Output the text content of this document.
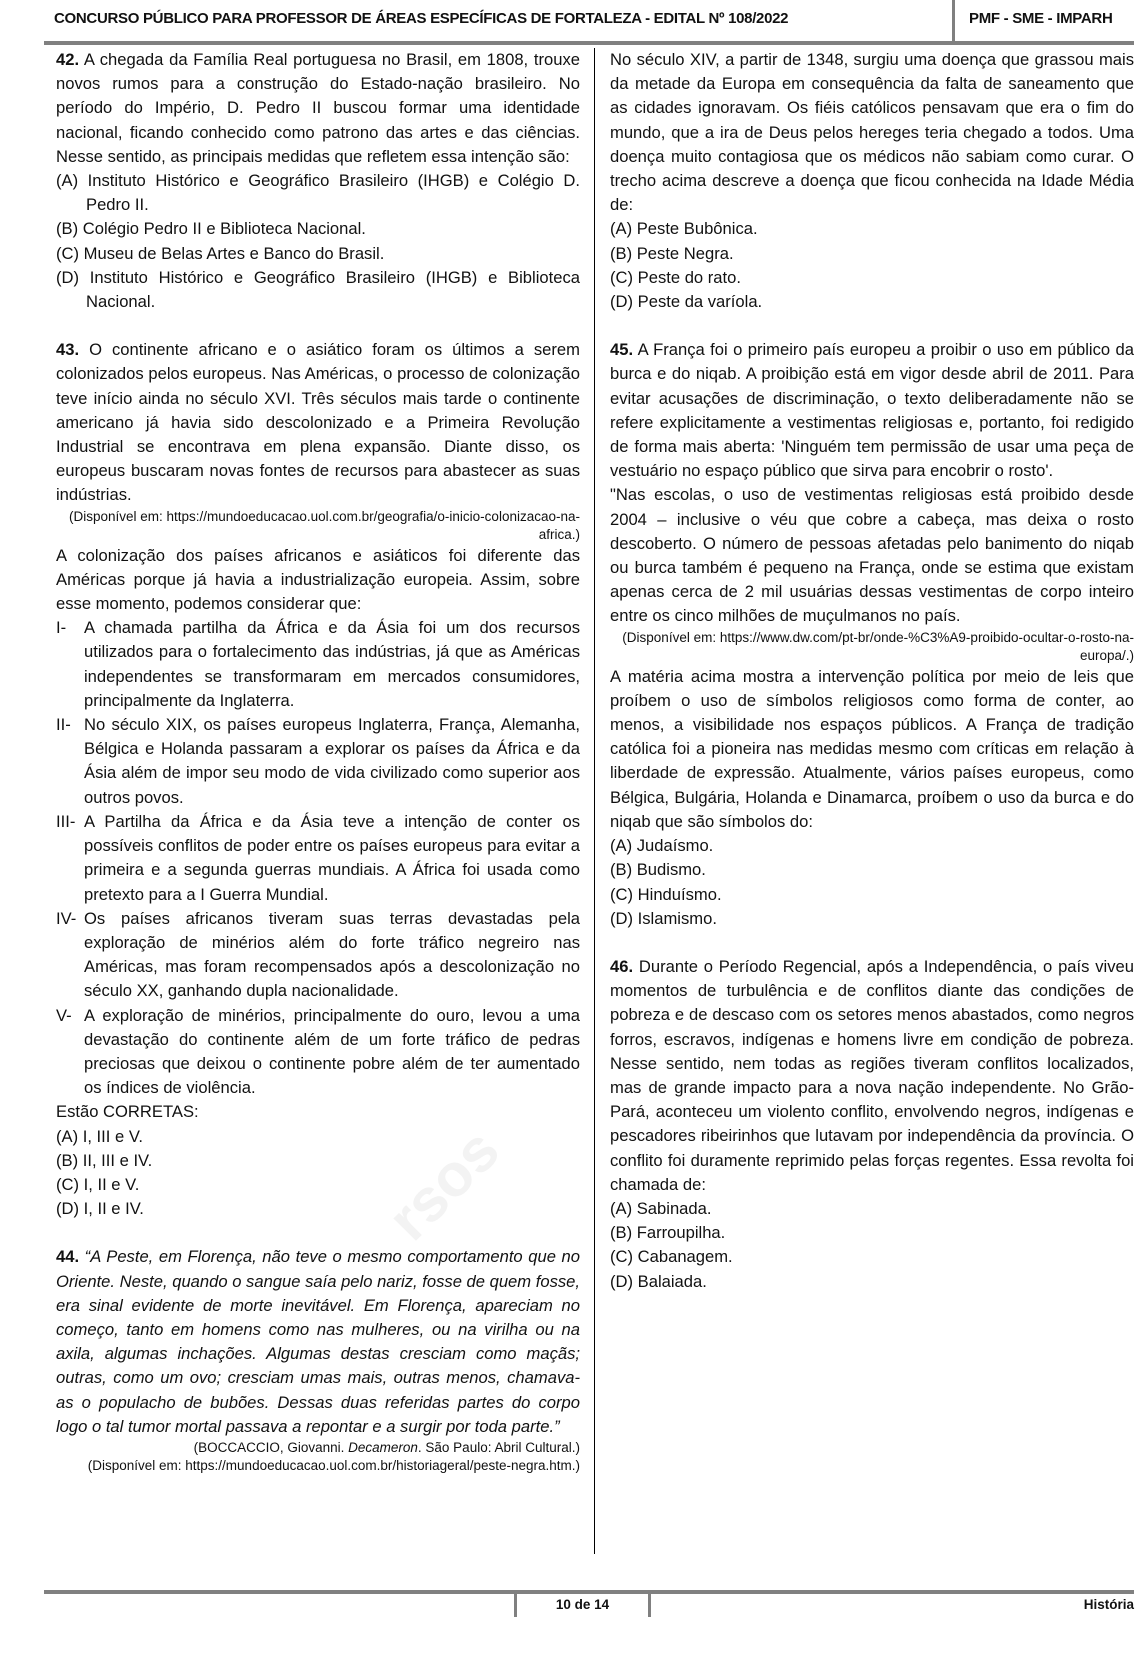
rsos
CONCURSO PÚBLICO PARA PROFESSOR DE ÁREAS ESPECÍFICAS DE FORTALEZA - EDITAL Nº 108/2022	PMF - SME - IMPARH

42. A chegada da Família Real portuguesa no Brasil, em 1808, trouxe novos rumos para a construção do Estado-nação brasileiro. No período do Império, D. Pedro II buscou formar uma identidade nacional, ficando conhecido como patrono das artes e das ciências. Nesse sentido, as principais medidas que refletem essa intenção são:

(A) Instituto Histórico e Geográfico Brasileiro (IHGB) e Colégio D. Pedro II.

(B) Colégio Pedro II e Biblioteca Nacional.

(C) Museu de Belas Artes e Banco do Brasil.

(D) Instituto Histórico e Geográfico Brasileiro (IHGB) e Biblioteca Nacional.

43. O continente africano e o asiático foram os últimos a serem colonizados pelos europeus. Nas Américas, o processo de colonização teve início ainda no século XVI. Três séculos mais tarde o continente americano já havia sido descolonizado e a Primeira Revolução Industrial se encontrava em plena expansão. Diante disso, os europeus buscaram novas fontes de recursos para abastecer as suas indústrias.

(Disponível em: https://mundoeducacao.uol.com.br/geografia/o-inicio-colonizacao-na-africa.)

A colonização dos países africanos e asiáticos foi diferente das Américas porque já havia a industrialização europeia. Assim, sobre esse momento, podemos considerar que:

I-	A chamada partilha da África e da Ásia foi um dos recursos utilizados para o fortalecimento das indústrias, já que as Américas independentes se transformaram em mercados consumidores, principalmente da Inglaterra.
II- No século XIX, os países europeus Inglaterra, França, Alemanha, Bélgica e Holanda passaram a explorar os países da África e da Ásia além de impor seu modo de vida civilizado como superior aos outros povos.
III- A Partilha da África e da Ásia teve a intenção de conter os possíveis conflitos de poder entre os países europeus para evitar a primeira e a segunda guerras mundiais. A África foi usada como pretexto para a I Guerra Mundial.
IV- Os países africanos tiveram suas terras devastadas pela exploração de minérios além do forte tráfico negreiro nas Américas, mas foram recompensados após a descolonização no século XX, ganhando dupla nacionalidade.
V- A exploração de minérios, principalmente do ouro, levou a uma devastação do continente além de um forte tráfico de pedras preciosas que deixou o continente pobre além de ter aumentado os índices de violência.

Estão CORRETAS:

(A) I, III e V.

(B) II, III e IV.

(C) I, II e V.

(D) I, II e IV.

44. “A Peste, em Florença, não teve o mesmo comportamento que no Oriente. Neste, quando o sangue saía pelo nariz, fosse de quem fosse, era sinal evidente de morte inevitável. Em Florença, apareciam no começo, tanto em homens como nas mulheres, ou na virilha ou na axila, algumas inchações. Algumas destas cresciam como maçãs; outras, como um ovo; cresciam umas mais, outras menos, chamava-as o populacho de bubões. Dessas duas referidas partes do corpo logo o tal tumor mortal passava a repontar e a surgir por toda parte.”

(BOCCACCIO, Giovanni. Decameron. São Paulo: Abril Cultural.)

(Disponível em: https://mundoeducacao.uol.com.br/historiageral/peste-negra.htm.)

No século XIV, a partir de 1348, surgiu uma doença que grassou mais da metade da Europa em consequência da falta de saneamento que as cidades ignoravam. Os fiéis católicos pensavam que era o fim do mundo, que a ira de Deus pelos hereges teria chegado a todos. Uma doença muito contagiosa que os médicos não sabiam como curar. O trecho acima descreve a doença que ficou conhecida na Idade Média de:

(A) Peste Bubônica.

(B) Peste Negra.

(C) Peste do rato.

(D) Peste da varíola.

45. A França foi o primeiro país europeu a proibir o uso em público da burca e do niqab. A proibição está em vigor desde abril de 2011. Para evitar acusações de discriminação, o texto deliberadamente não se refere explicitamente a vestimentas religiosas e, portanto, foi redigido de forma mais aberta: 'Ninguém tem permissão de usar uma peça de vestuário no espaço público que sirva para encobrir o rosto'.

"Nas escolas, o uso de vestimentas religiosas está proibido desde 2004 – inclusive o véu que cobre a cabeça, mas deixa o rosto descoberto. O número de pessoas afetadas pelo banimento do niqab ou burca também é pequeno na França, onde se estima que existam apenas cerca de 2 mil usuárias dessas vestimentas de corpo inteiro entre os cinco milhões de muçulmanos no país.

(Disponível em: https://www.dw.com/pt-br/onde-%C3%A9-proibido-ocultar-o-rosto-na-europa/.)

A matéria acima mostra a intervenção política por meio de leis que proíbem o uso de símbolos religiosos como forma de conter, ao menos, a visibilidade nos espaços públicos. A França de tradição católica foi a pioneira nas medidas mesmo com críticas em relação à liberdade de expressão. Atualmente, vários países europeus, como Bélgica, Bulgária, Holanda e Dinamarca, proíbem o uso da burca e do niqab que são símbolos do:

(A) Judaísmo.

(B) Budismo.

(C) Hinduísmo.

(D) Islamismo.

46. Durante o Período Regencial, após a Independência, o país viveu momentos de turbulência e de conflitos diante das condições de pobreza e de descaso com os setores menos abastados, como negros forros, escravos, indígenas e homens livre em condição de pobreza. Nesse sentido, nem todas as regiões tiveram conflitos localizados, mas de grande impacto para a nova nação independente. No Grão-Pará, aconteceu um violento conflito, envolvendo negros, indígenas e pescadores ribeirinhos que lutavam por independência da província. O conflito foi duramente reprimido pelas forças regentes. Essa revolta foi chamada de:

(A) Sabinada.

(B) Farroupilha.

(C) Cabanagem.

(D) Balaiada.

10 de 14	História
